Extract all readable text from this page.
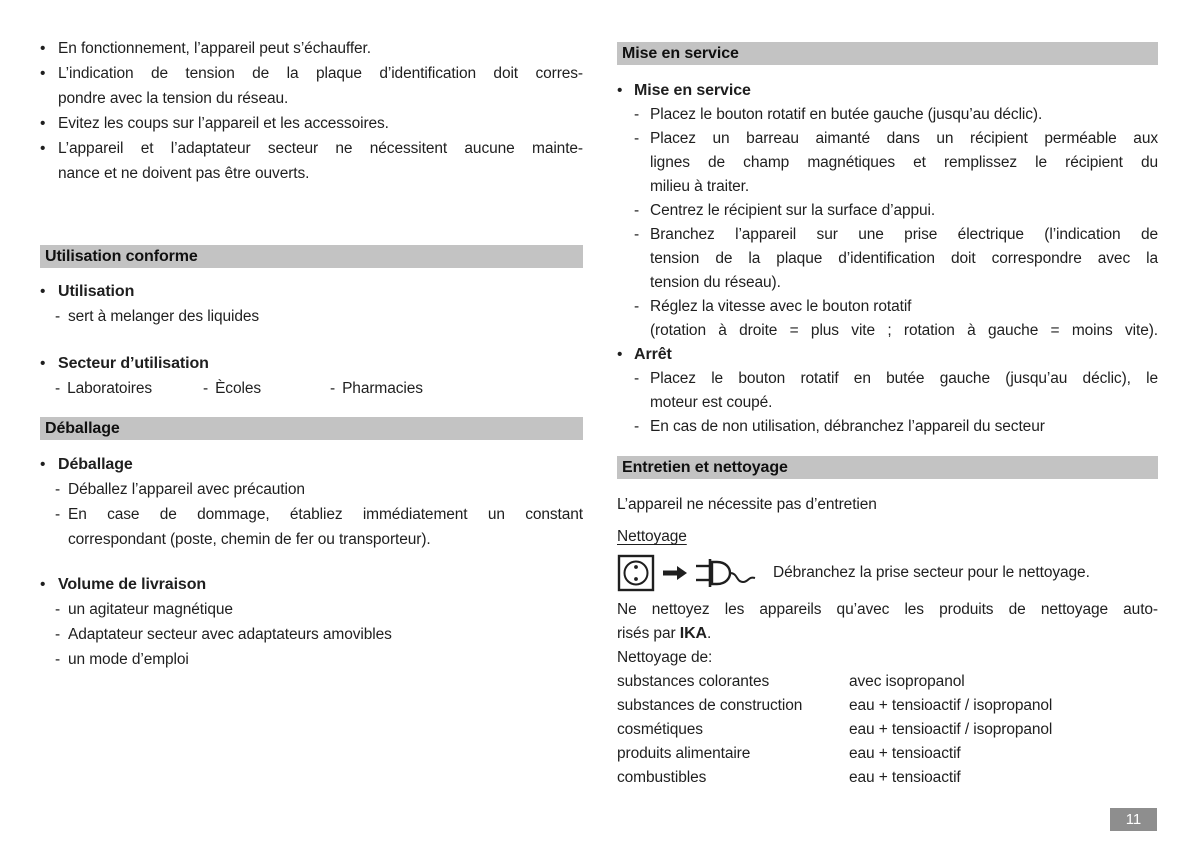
• En fonctionnement, l’appareil peut s’échauffer.
• L’indication de tension de la plaque d’identification doit corres-
pondre avec la tension du réseau.
• Evitez les coups sur l’appareil et les accessoires.
• L’appareil et l’adaptateur secteur ne nécessitent aucune mainte-
nance et ne doivent pas être ouverts.
Utilisation conforme
• Utilisation
- sert à melanger des liquides
• Secteur d’utilisation
- Laboratoires	- Ècoles	- Pharmacies
Déballage
• Déballage
- Déballez l’appareil avec précaution
- En case de dommage, établiez immédiatement un constant
correspondant (poste, chemin de fer ou transporteur).
• Volume de livraison
- un agitateur magnétique
- Adaptateur secteur avec adaptateurs amovibles
- un mode d’emploi
Mise en service
• Mise en service
- Placez le bouton rotatif en butée gauche (jusqu’au déclic).
- Placez un barreau aimanté dans un récipient perméable aux
lignes de champ magnétiques et remplissez le récipient du
milieu à traiter.
- Centrez le récipient sur la surface d’appui.
- Branchez l’appareil sur une prise électrique (l’indication de
tension de la plaque d’identification doit correspondre avec la
tension du réseau).
- Réglez la vitesse avec le bouton rotatif
(rotation à droite = plus vite ; rotation à gauche = moins vite).
• Arrêt
- Placez le bouton rotatif en butée gauche (jusqu’au déclic), le
moteur est coupé.
- En cas de non utilisation, débranchez l’appareil du secteur
Entretien et nettoyage
L’appareil ne nécessite pas d’entretien
Nettoyage
Débranchez la prise secteur pour le nettoyage.
Ne nettoyez les appareils qu’avec les produits de nettoyage auto-
risés par IKA.
Nettoyage de:
substances colorantes	avec isopropanol
substances de construction	eau + tensioactif / isopropanol
cosmétiques	eau + tensioactif / isopropanol
produits alimentaire	eau + tensioactif
combustibles	eau + tensioactif
11
